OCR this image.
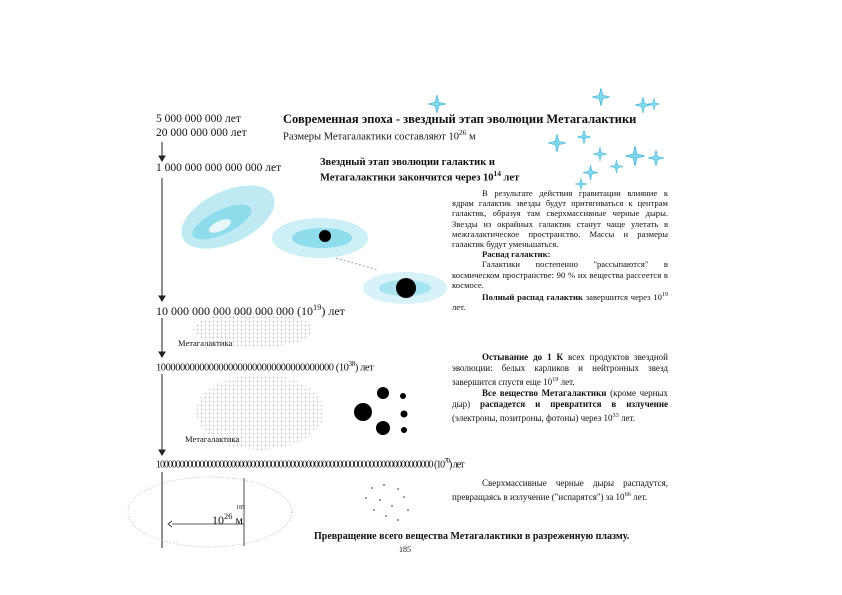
5 000 000 000 лет
20 000 000 000 лет
1 000 000 000 000 000 лет
10 000 000 000 000 000 000 $(10^{19})$ лет
1000000000000000000000000000000000000 $(10^{38})$ лет
1000000000000000000000000000000000000000000000000000000000000000000000 $(10^{70})$ лет
Современная эпоха - звездный этап эволюции Метагалактики
Размеры Метагалактики составляют $10^{26}$ м
Звездный этап эволюции галактик и
Метагалактики закончится через $10^{14}$ лет

В результате действия гравитации влияние к ядрам галактик звезды будут притягиваться к центрам галактик, образуя там сверхмассивные черные дыры. Звезды из окрайных галактик станут чаще улетать в межгалактическое пространство. Массы и размеры галактик будут уменьшаться.

Распад галактик:

Галактики постепенно "рассыпаются" в космическом пространстве: 90 % их вещества рассеется в космосе.

Полный распад галактик завершится через $10^{19}$ лет.

Остывание до 1 К всех продуктов звездной эволюции: белых карликов и нейтронных звезд завершится спустя еще $10^{19}$ лет.

Все вещество Метагалактики (кроме черных дыр) распадется и превратится в излучение (электроны, позитроны, фотоны) через $10^{33}$ лет.

Сверхмассивные черные дыры распадутся, превращаясь в излучение ("испарятся") за $10^{66}$ лет.

Метагалактика
Метагалактика
$10^{26}$ м
185
Превращение всего вещества Метагалактики в разреженную плазму.
185
